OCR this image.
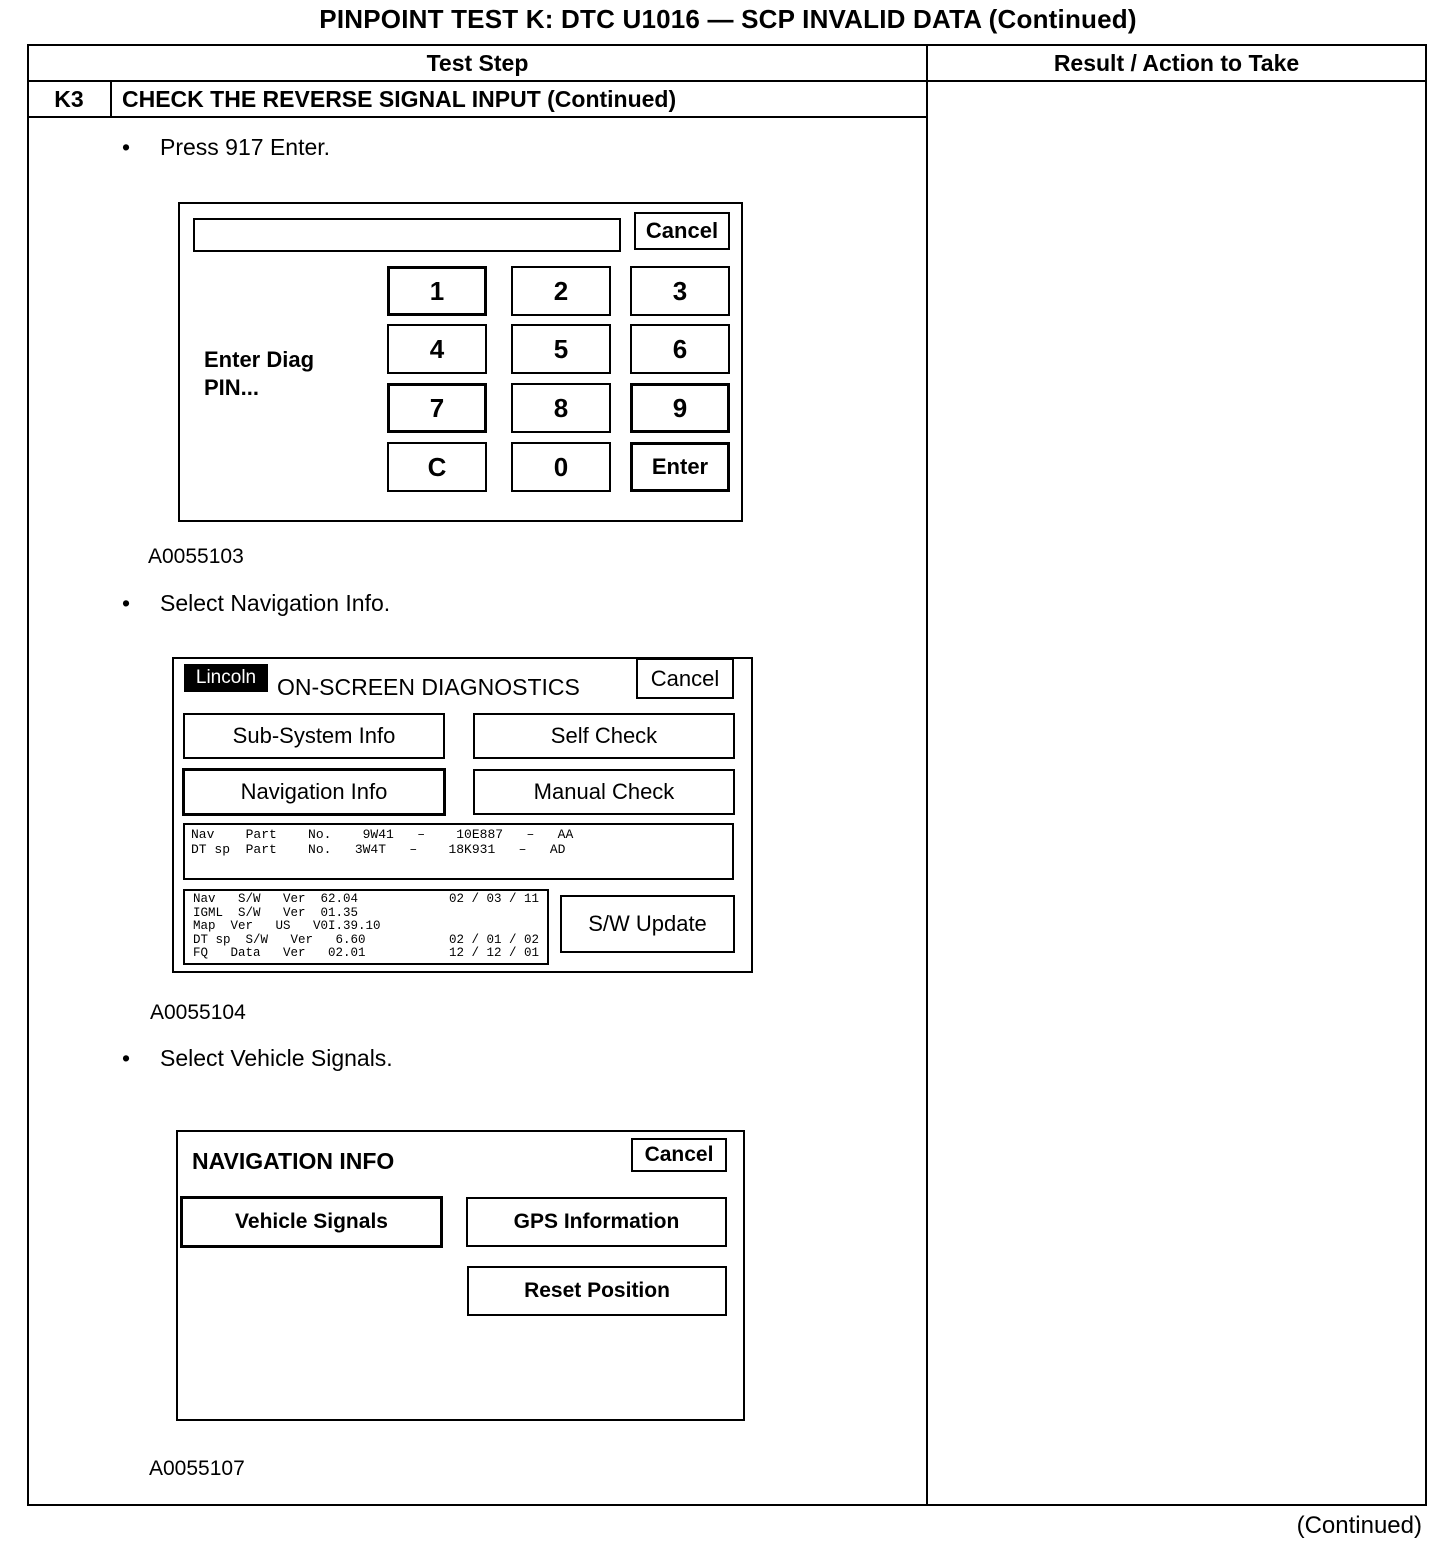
PINPOINT TEST K: DTC U1016 — SCP INVALID DATA (Continued)
Test Step	Result / Action to Take
K3	CHECK THE REVERSE SIGNAL INPUT (Continued)
• Press 917 Enter.
Cancel
Enter Diag
PIN...
1	2	3
4	5	6
7	8	9
C	0	Enter
A0055103
• Select Navigation Info.
Lincoln ON-SCREEN DIAGNOSTICS	Cancel
Sub-System Info	Self Check
Navigation Info	Manual Check
Nav    Part    No.    9W41   –    10E887   –   AA
DT sp  Part    No.   3W4T   –    18K931   –   AD
Nav   S/W   Ver  62.04	02 / 03 / 11
IGML  S/W   Ver  01.35
Map  Ver   US   V0I.39.10
DT sp  S/W   Ver   6.60	02 / 01 / 02
FQ   Data   Ver   02.01	12 / 12 / 01
S/W Update
A0055104
• Select Vehicle Signals.
NAVIGATION INFO	Cancel
Vehicle Signals	GPS Information
Reset Position
A0055107
(Continued)
